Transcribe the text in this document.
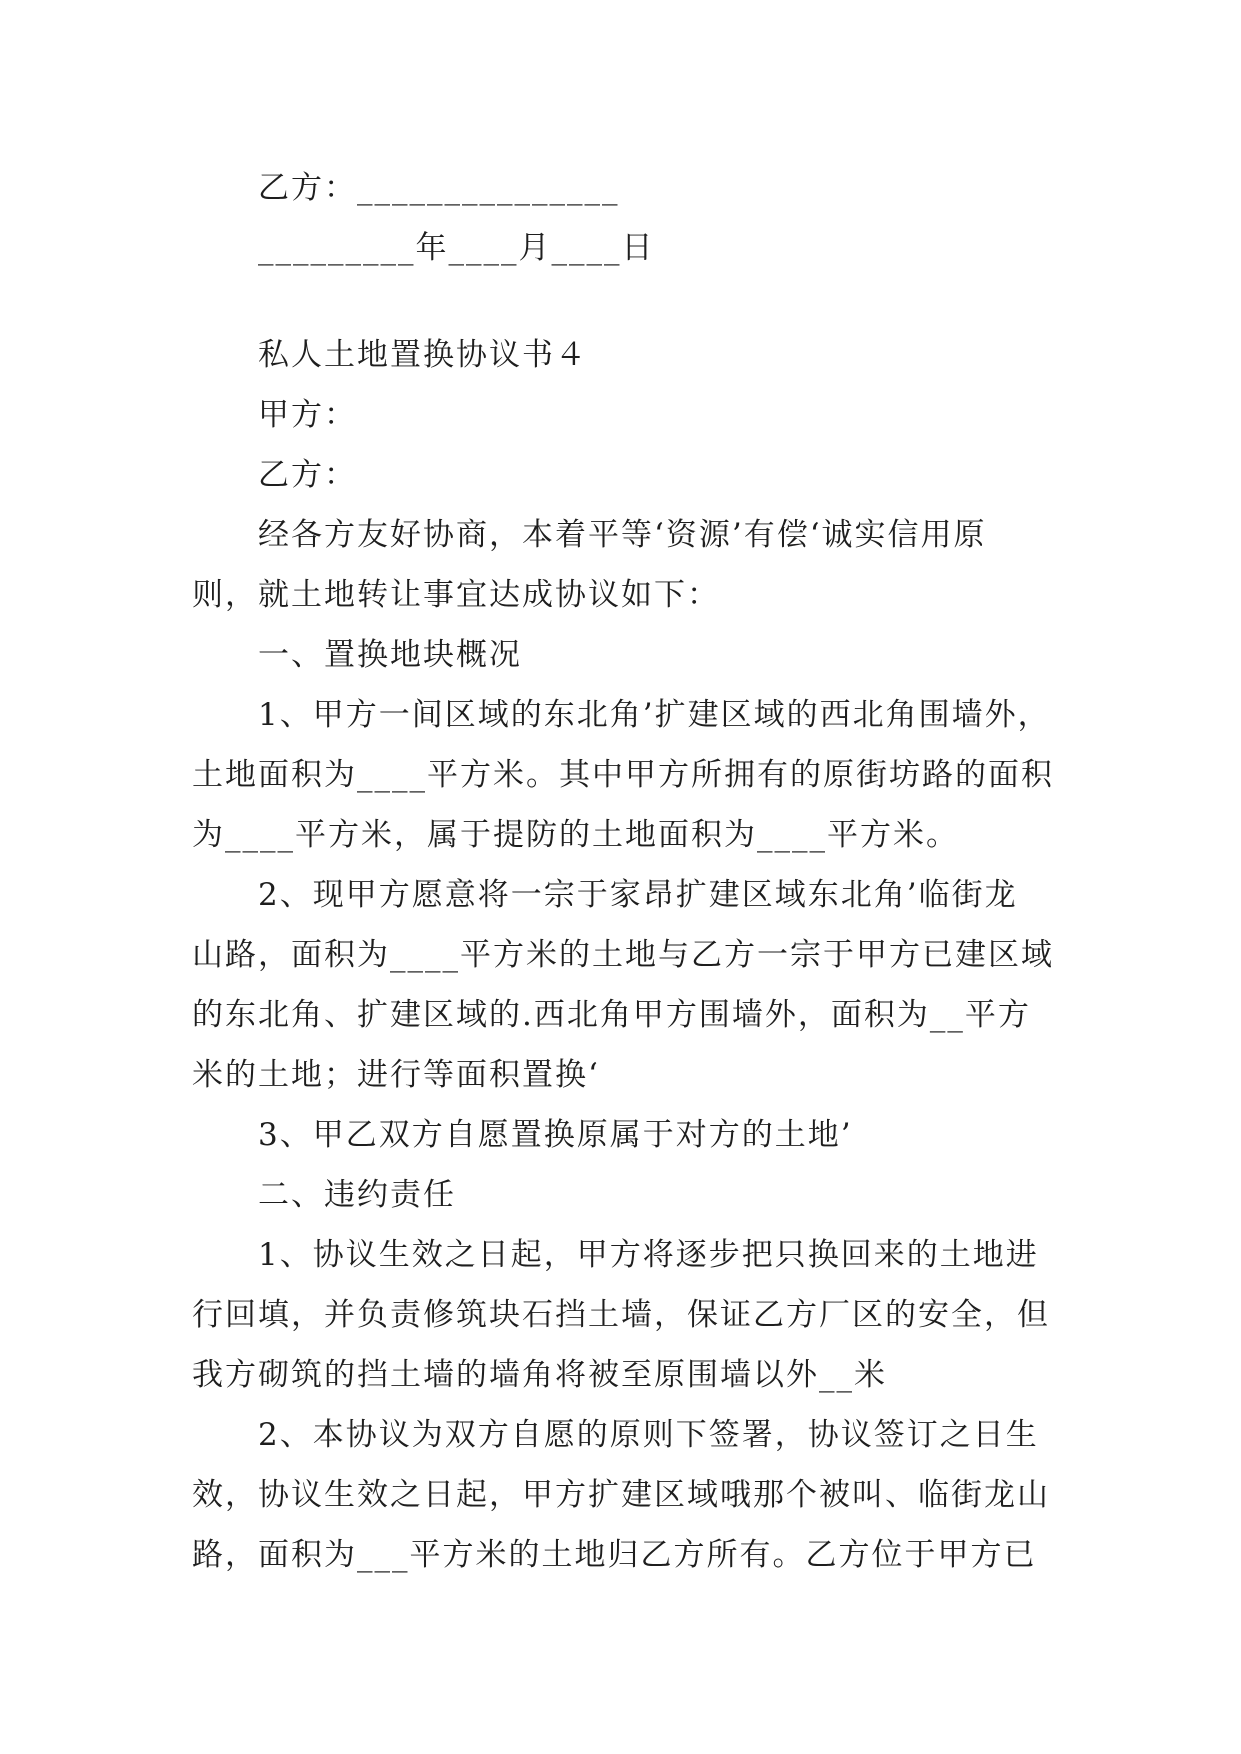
乙方：_______________
_________年____月____日
私人土地置换协议书４
甲方：
乙方：
经各方友好协商，本着平等‘资源’有偿‘诚实信用原
则，就土地转让事宜达成协议如下：
一、置换地块概况
1、甲方一间区域的东北角’扩建区域的西北角围墙外，
土地面积为____平方米。其中甲方所拥有的原街坊路的面积
为____平方米，属于提防的土地面积为____平方米。
2、现甲方愿意将一宗于家昂扩建区域东北角’临街龙
山路，面积为____平方米的土地与乙方一宗于甲方已建区域
的东北角、扩建区域的.西北角甲方围墙外，面积为__平方
米的土地；进行等面积置换‘
3、甲乙双方自愿置换原属于对方的土地’
二、违约责任
1、协议生效之日起，甲方将逐步把只换回来的土地进
行回填，并负责修筑块石挡土墙，保证乙方厂区的安全，但
我方砌筑的挡土墙的墙角将被至原围墙以外__米
2、本协议为双方自愿的原则下签署，协议签订之日生
效，协议生效之日起，甲方扩建区域哦那个被叫、临街龙山
路，面积为___平方米的土地归乙方所有。乙方位于甲方已
